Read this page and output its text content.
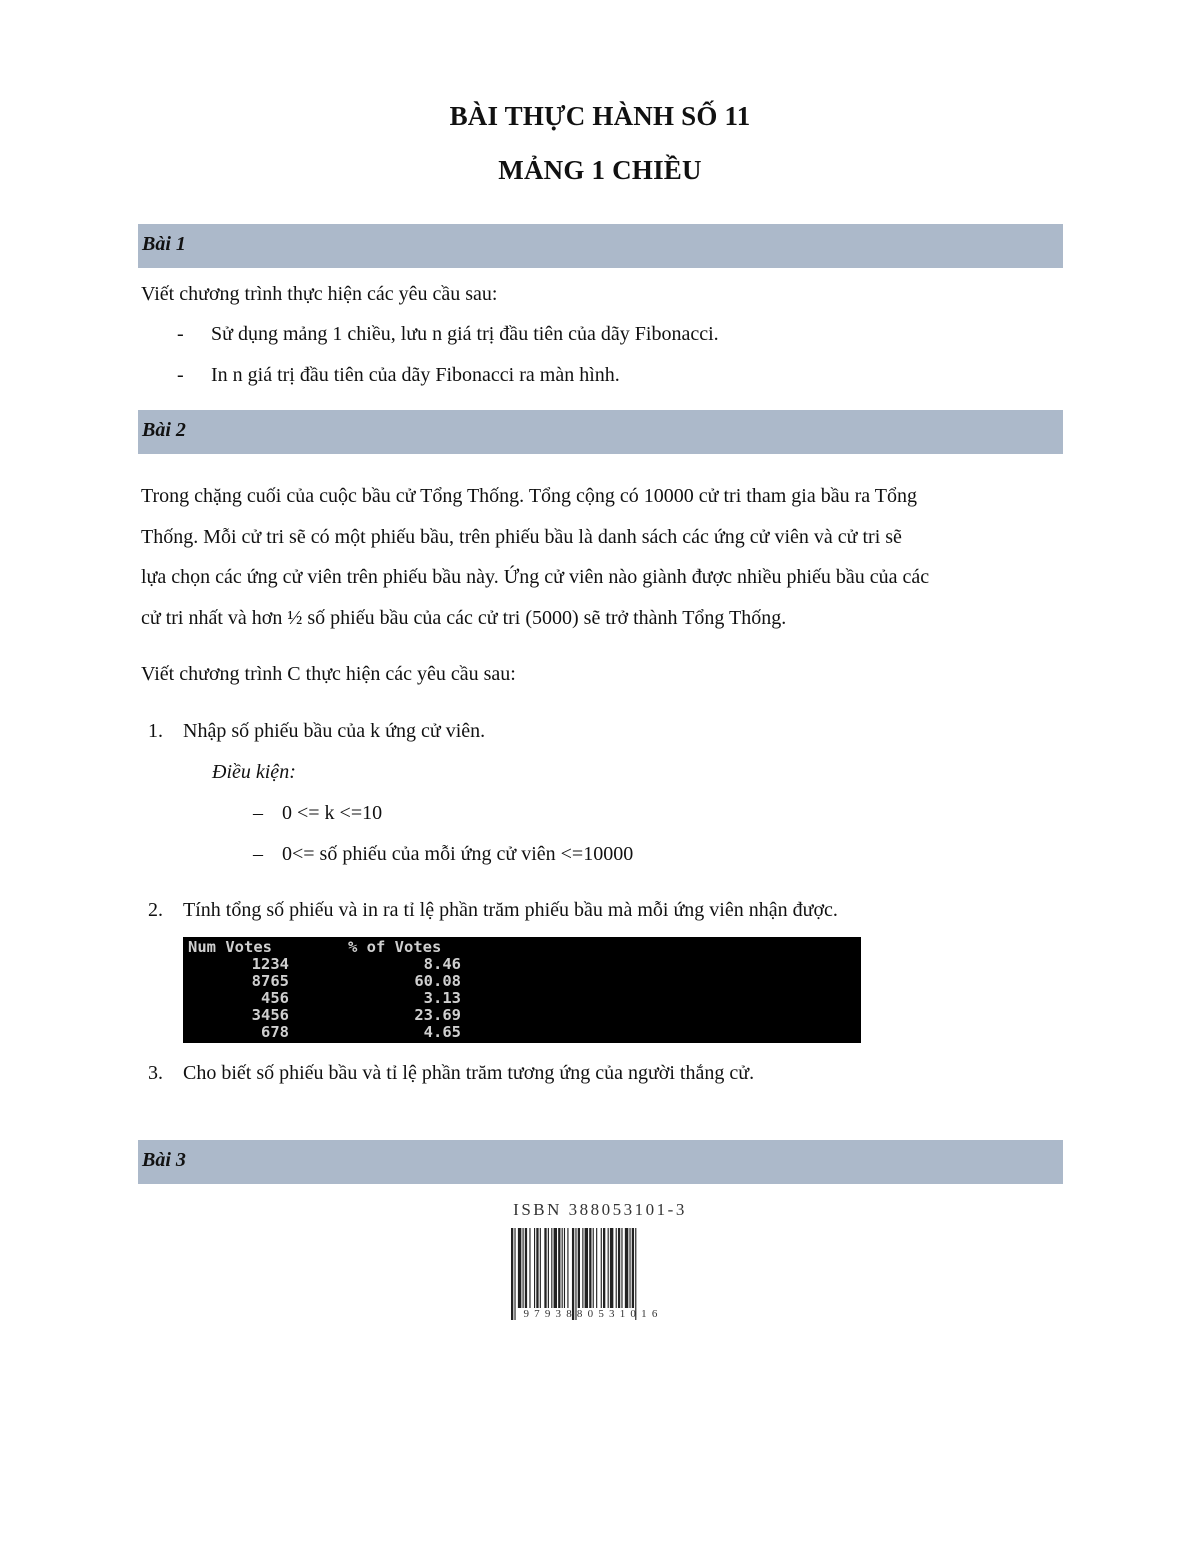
BÀI THỰC HÀNH SỐ 11
MẢNG 1 CHIỀU
Bài 1
Viết chương trình thực hiện các yêu cầu sau:
- Sử dụng mảng 1 chiều, lưu n giá trị đầu tiên của dãy Fibonacci.
- In n giá trị đầu tiên của dãy Fibonacci ra màn hình.
Bài 2
Trong chặng cuối của cuộc bầu cử Tổng Thống. Tổng cộng có 10000 cử tri tham gia bầu ra Tổng
Thống. Mỗi cử tri sẽ có một phiếu bầu, trên phiếu bầu là danh sách các ứng cử viên và cử tri sẽ
lựa chọn các ứng cử viên trên phiếu bầu này. Ứng cử viên nào giành được nhiều phiếu bầu của các
cử tri nhất và hơn ½ số phiếu bầu của các cử tri (5000) sẽ trở thành Tổng Thống.
Viết chương trình C thực hiện các yêu cầu sau:
1. Nhập số phiếu bầu của k ứng cử viên.
Điều kiện:
– 0 <= k <=10
– 0<= số phiếu của mỗi ứng cử viên <=10000
2. Tính tổng số phiếu và in ra tỉ lệ phần trăm phiếu bầu mà mỗi ứng viên nhận được.
Num Votes	% of Votes
1234	8.46
8765	60.08
456	3.13
3456	23.69
678	4.65
3. Cho biết số phiếu bầu và tỉ lệ phần trăm tương ứng của người thắng cử.
Bài 3
ISBN 388053101-3
9793880531016
